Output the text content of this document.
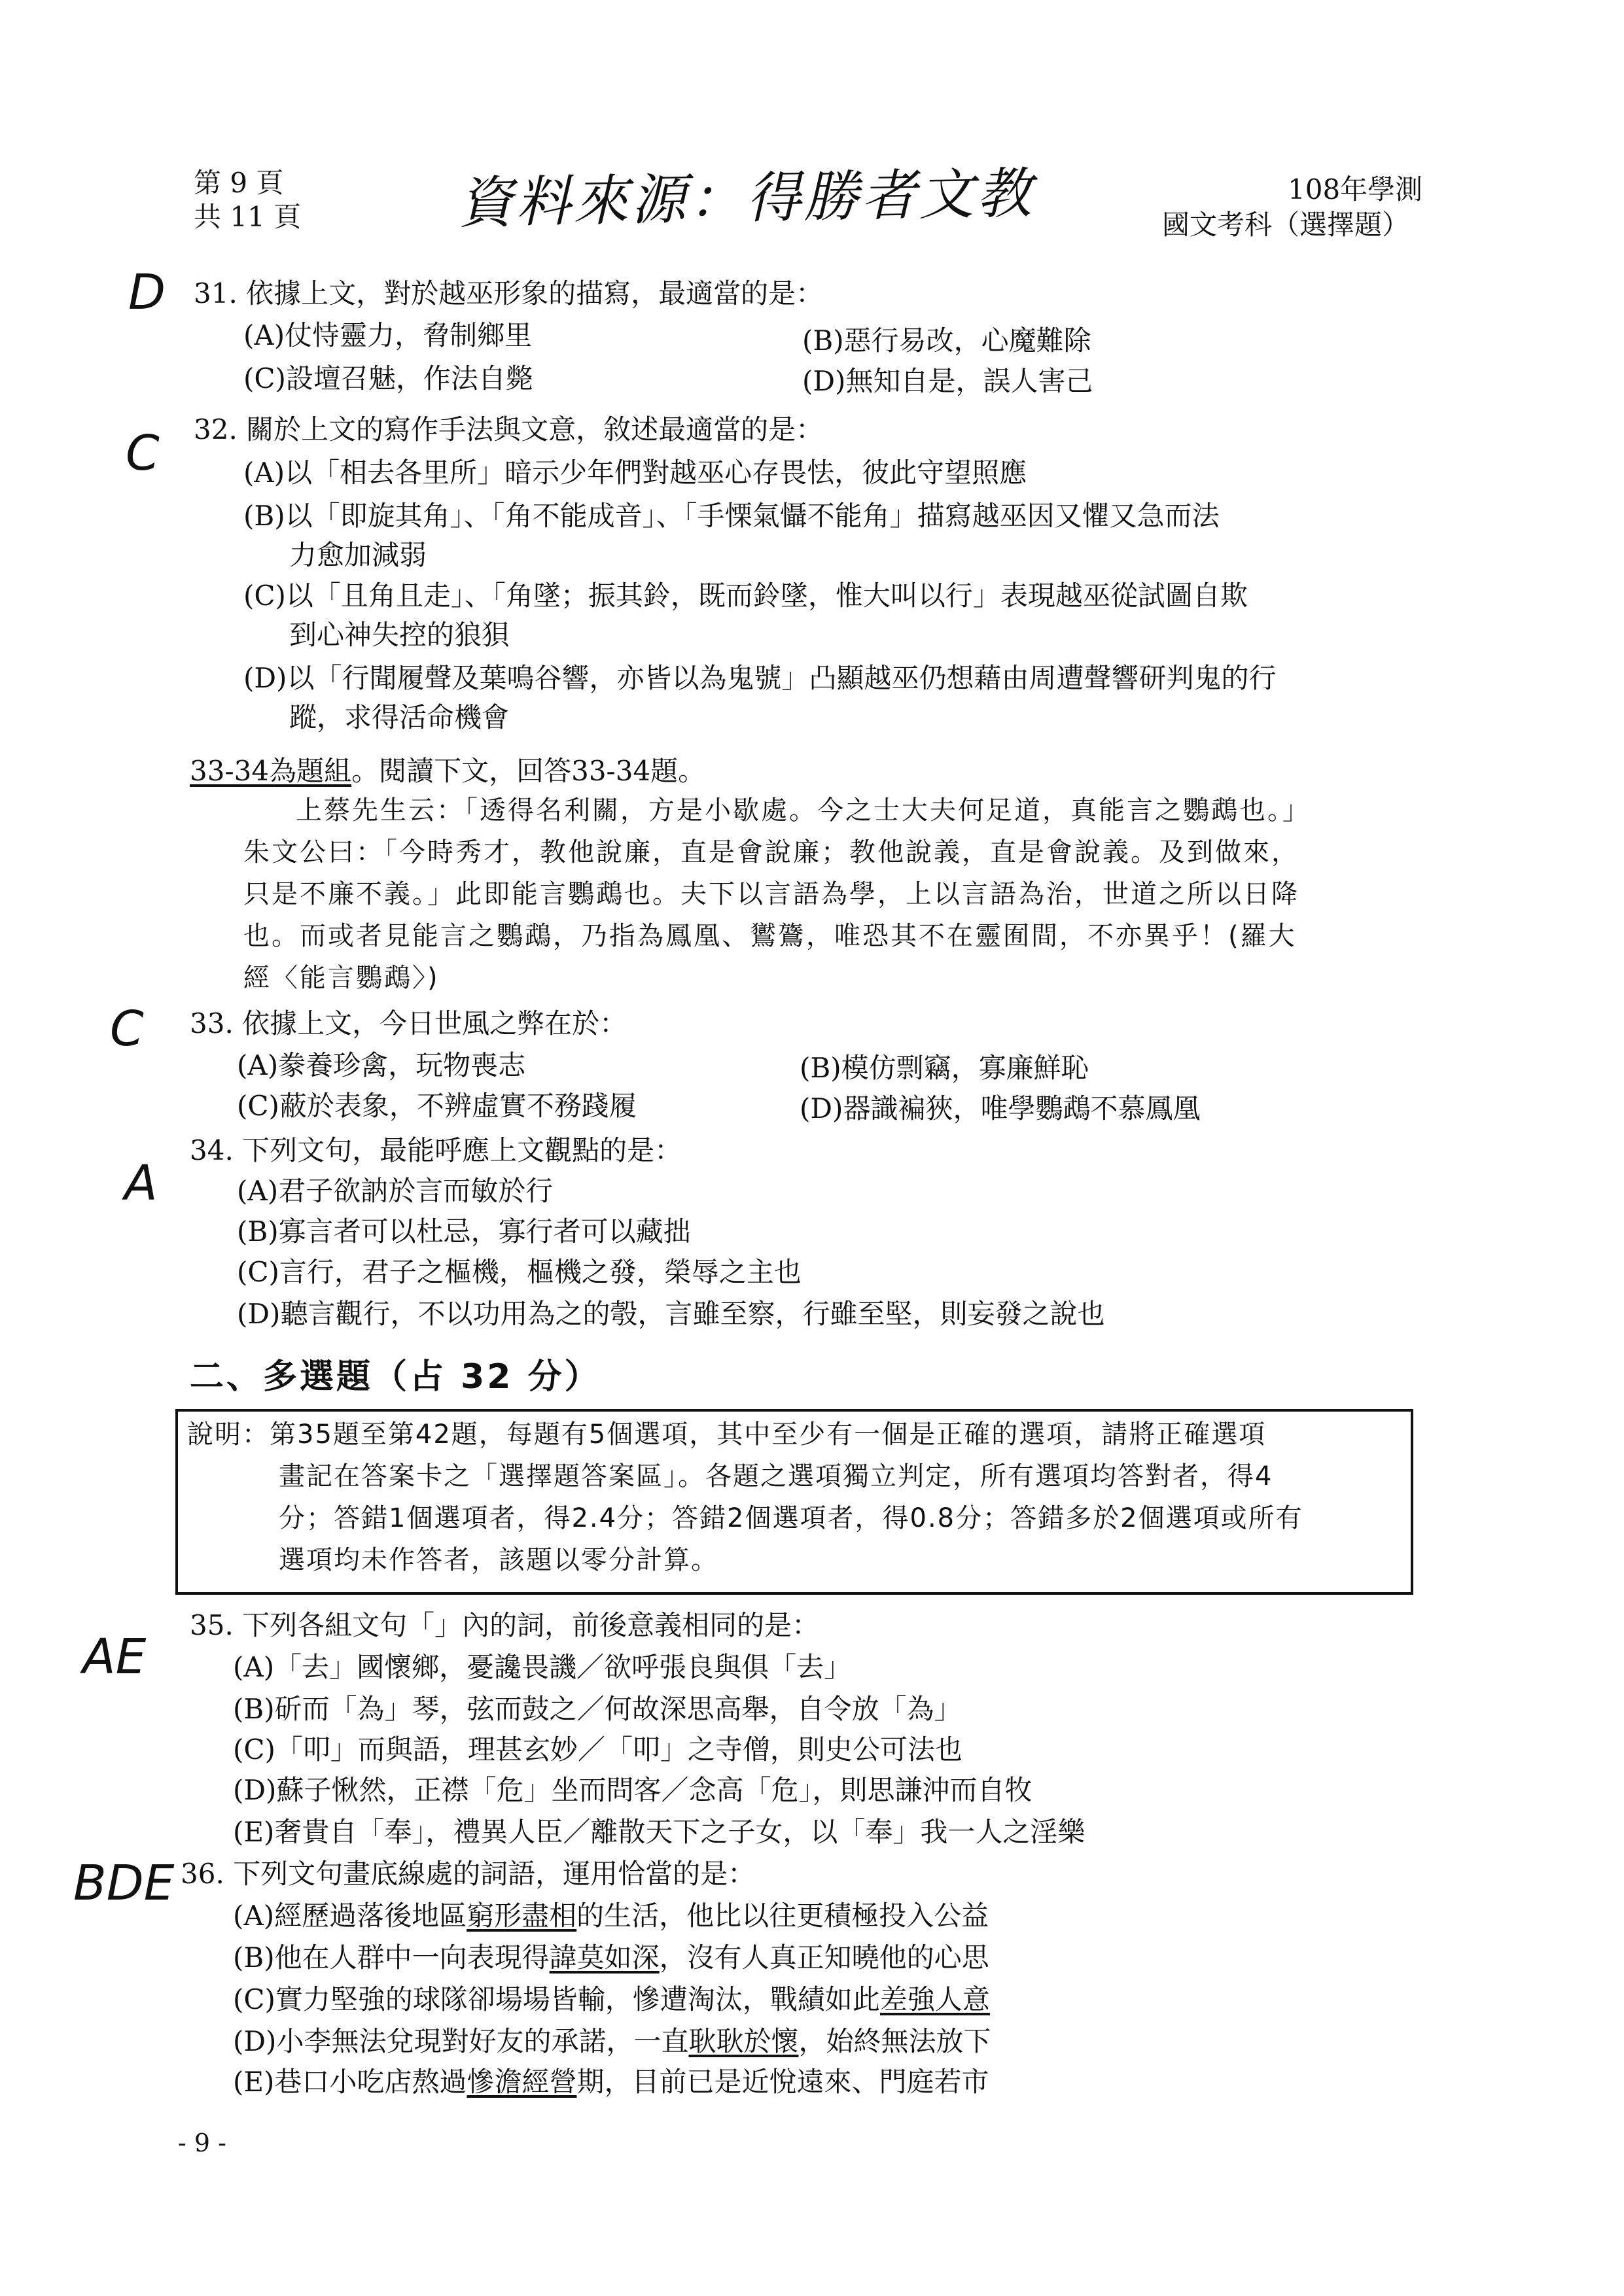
第 9 頁
共 11 頁	資料來源：得勝者文教	108年學測
國文考科（選擇題）
D 31. 依據上文，對於越巫形象的描寫，最適當的是：
(A)仗恃靈力，脅制鄉里	(B)惡行易改，心魔難除
(C)設壇召魅，作法自斃	(D)無知自是，誤人害己
C 32. 關於上文的寫作手法與文意，敘述最適當的是：
(A)以「相去各里所」暗示少年們對越巫心存畏怯，彼此守望照應
(B)以「即旋其角」、「角不能成音」、「手慄氣懾不能角」描寫越巫因又懼又急而法
力愈加減弱
(C)以「且角且走」、「角墜；振其鈴，既而鈴墜，惟大叫以行」表現越巫從試圖自欺
到心神失控的狼狽
(D)以「行聞履聲及葉鳴谷響，亦皆以為鬼號」凸顯越巫仍想藉由周遭聲響研判鬼的行
蹤，求得活命機會
33-34為題組。閱讀下文，回答33-34題。
上蔡先生云：「透得名利關，方是小歇處。今之士大夫何足道，真能言之鸚鵡也。」
朱文公曰：「今時秀才，教他說廉，直是會說廉；教他說義，直是會說義。及到做來，
只是不廉不義。」此即能言鸚鵡也。夫下以言語為學，上以言語為治，世道之所以日降
也。而或者見能言之鸚鵡，乃指為鳳凰、鸑鷟，唯恐其不在靈囿間，不亦異乎！(羅大
經〈能言鸚鵡〉)
C 33. 依據上文，今日世風之弊在於：
(A)豢養珍禽，玩物喪志	(B)模仿剽竊，寡廉鮮恥
(C)蔽於表象，不辨虛實不務踐履	(D)器識褊狹，唯學鸚鵡不慕鳳凰
A
34. 下列文句，最能呼應上文觀點的是：
(A)君子欲訥於言而敏於行
(B)寡言者可以杜忌，寡行者可以藏拙
(C)言行，君子之樞機，樞機之發，榮辱之主也
(D)聽言觀行，不以功用為之的彀，言雖至察，行雖至堅，則妄發之說也
二、多選題（占 32 分）
說明：第35題至第42題，每題有5個選項，其中至少有一個是正確的選項，請將正確選項
畫記在答案卡之「選擇題答案區」。各題之選項獨立判定，所有選項均答對者，得4
分；答錯1個選項者，得2.4分；答錯2個選項者，得0.8分；答錯多於2個選項或所有
選項均未作答者，該題以零分計算。
AE
35. 下列各組文句「」內的詞，前後意義相同的是：
(A)「去」國懷鄉，憂讒畏譏／欲呼張良與俱「去」
(B)斫而「為」琴，弦而鼓之／何故深思高舉，自令放「為」
(C)「叩」而與語，理甚玄妙／「叩」之寺僧，則史公可法也
(D)蘇子愀然，正襟「危」坐而問客／念高「危」，則思謙沖而自牧
(E)奢貴自「奉」，禮異人臣／離散天下之子女，以「奉」我一人之淫樂
BDE 36. 下列文句畫底線處的詞語，運用恰當的是：
(A)經歷過落後地區窮形盡相的生活，他比以往更積極投入公益
(B)他在人群中一向表現得諱莫如深，沒有人真正知曉他的心思
(C)實力堅強的球隊卻場場皆輸，慘遭淘汰，戰績如此差強人意
(D)小李無法兌現對好友的承諾，一直耿耿於懷，始終無法放下
(E)巷口小吃店熬過慘澹經營期，目前已是近悅遠來、門庭若市
- 9 -
